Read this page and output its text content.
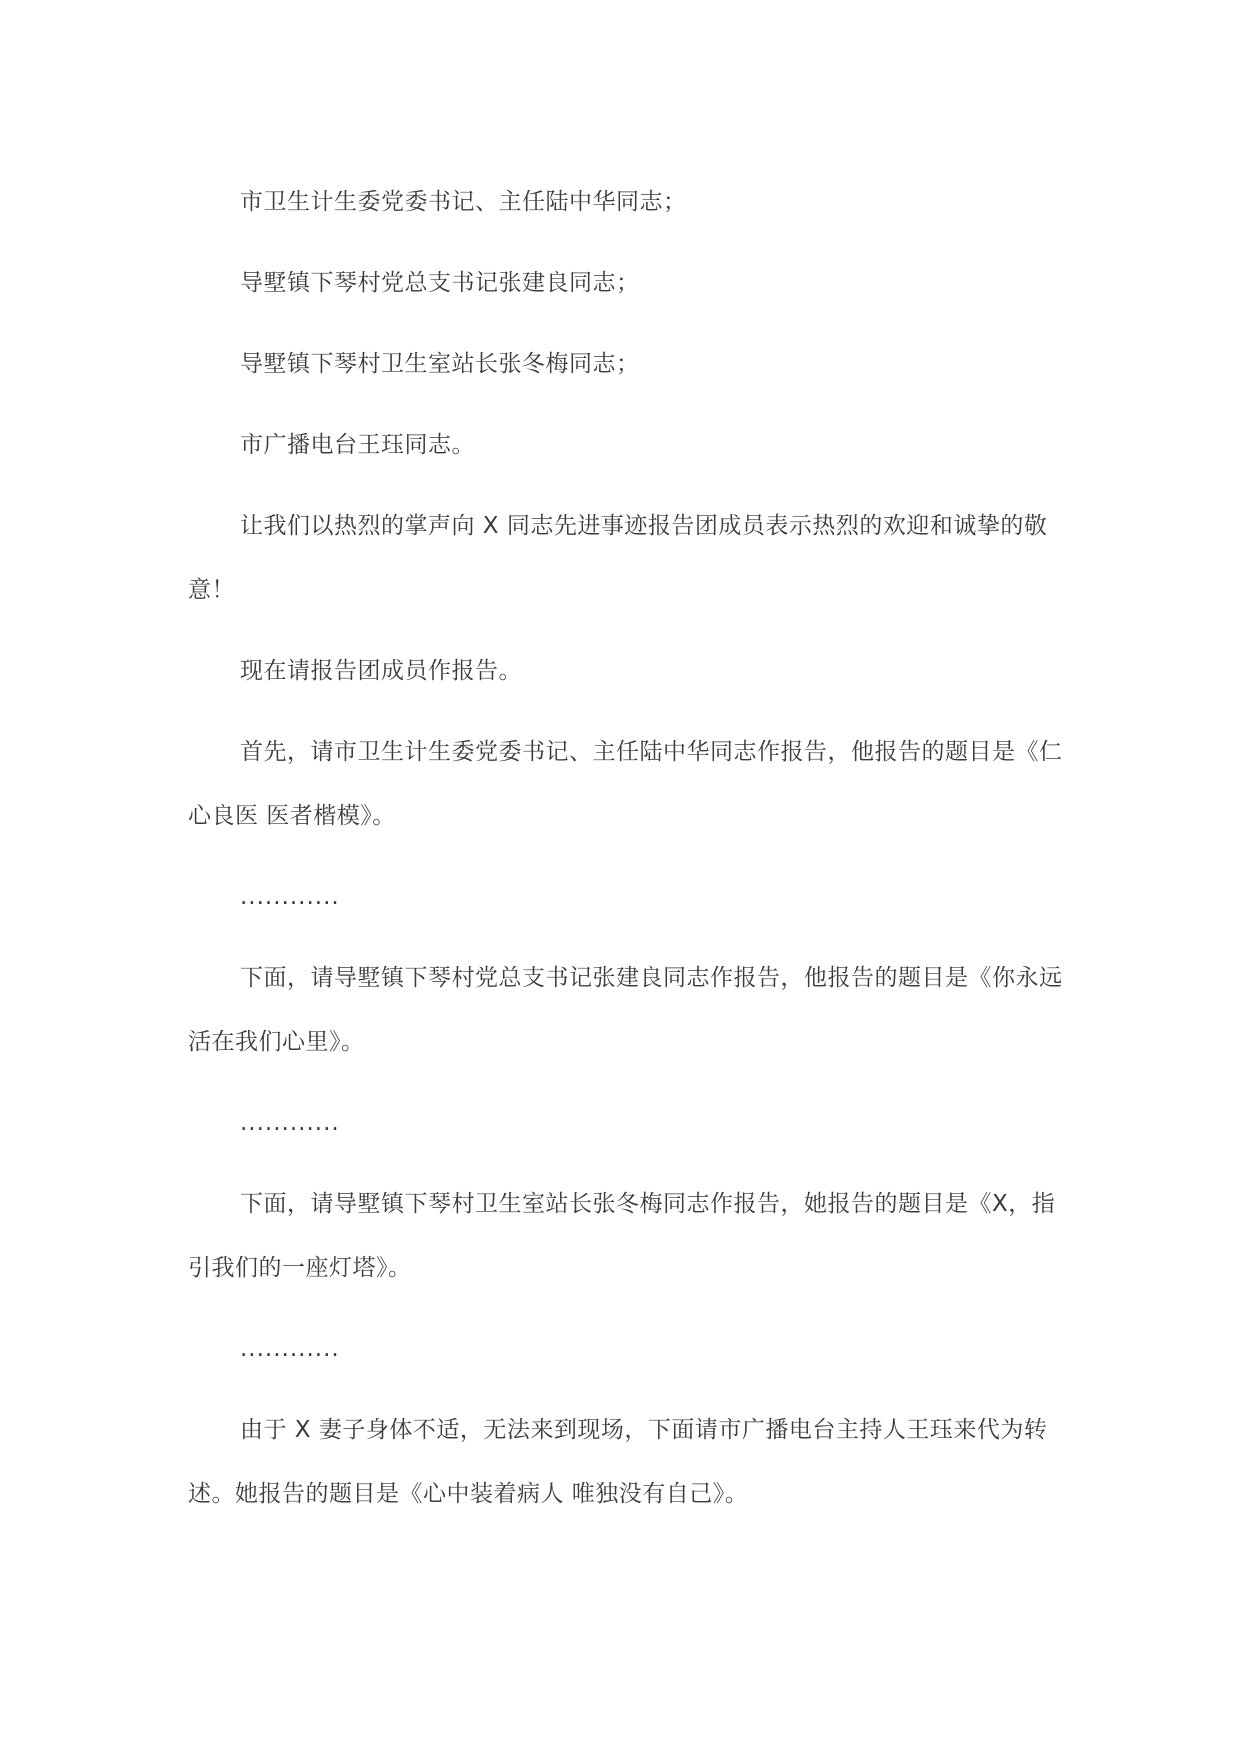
市卫生计生委党委书记、主任陆中华同志；

导墅镇下琴村党总支书记张建良同志；

导墅镇下琴村卫生室站长张冬梅同志；

市广播电台王珏同志。

让我们以热烈的掌声向 X 同志先进事迹报告团成员表示热烈的欢迎和诚挚的敬意！

现在请报告团成员作报告。

首先，请市卫生计生委党委书记、主任陆中华同志作报告，他报告的题目是《仁心良医 医者楷模》。

............

下面，请导墅镇下琴村党总支书记张建良同志作报告，他报告的题目是《你永远活在我们心里》。

............

下面，请导墅镇下琴村卫生室站长张冬梅同志作报告，她报告的题目是《X，指引我们的一座灯塔》。

............

由于 X 妻子身体不适，无法来到现场，下面请市广播电台主持人王珏来代为转述。她报告的题目是《心中装着病人 唯独没有自己》。
